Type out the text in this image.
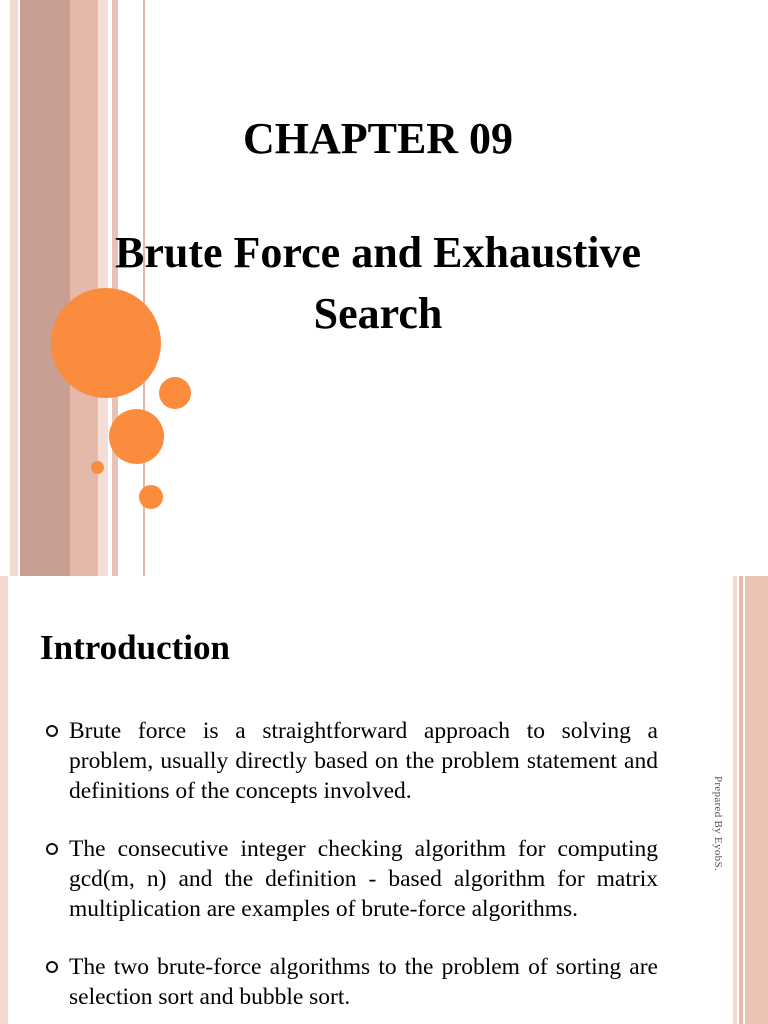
CHAPTER 09
Brute Force and Exhaustive
Search
Introduction
Brute force is a straightforward approach to solving a problem, usually directly based on the problem statement and definitions of the concepts involved.
The consecutive integer checking algorithm for computing gcd(m, n) and the definition - based algorithm for matrix multiplication are examples of brute-force algorithms.
The two brute-force algorithms to the problem of sorting are selection sort and bubble sort.
Prepared By EyobS.
